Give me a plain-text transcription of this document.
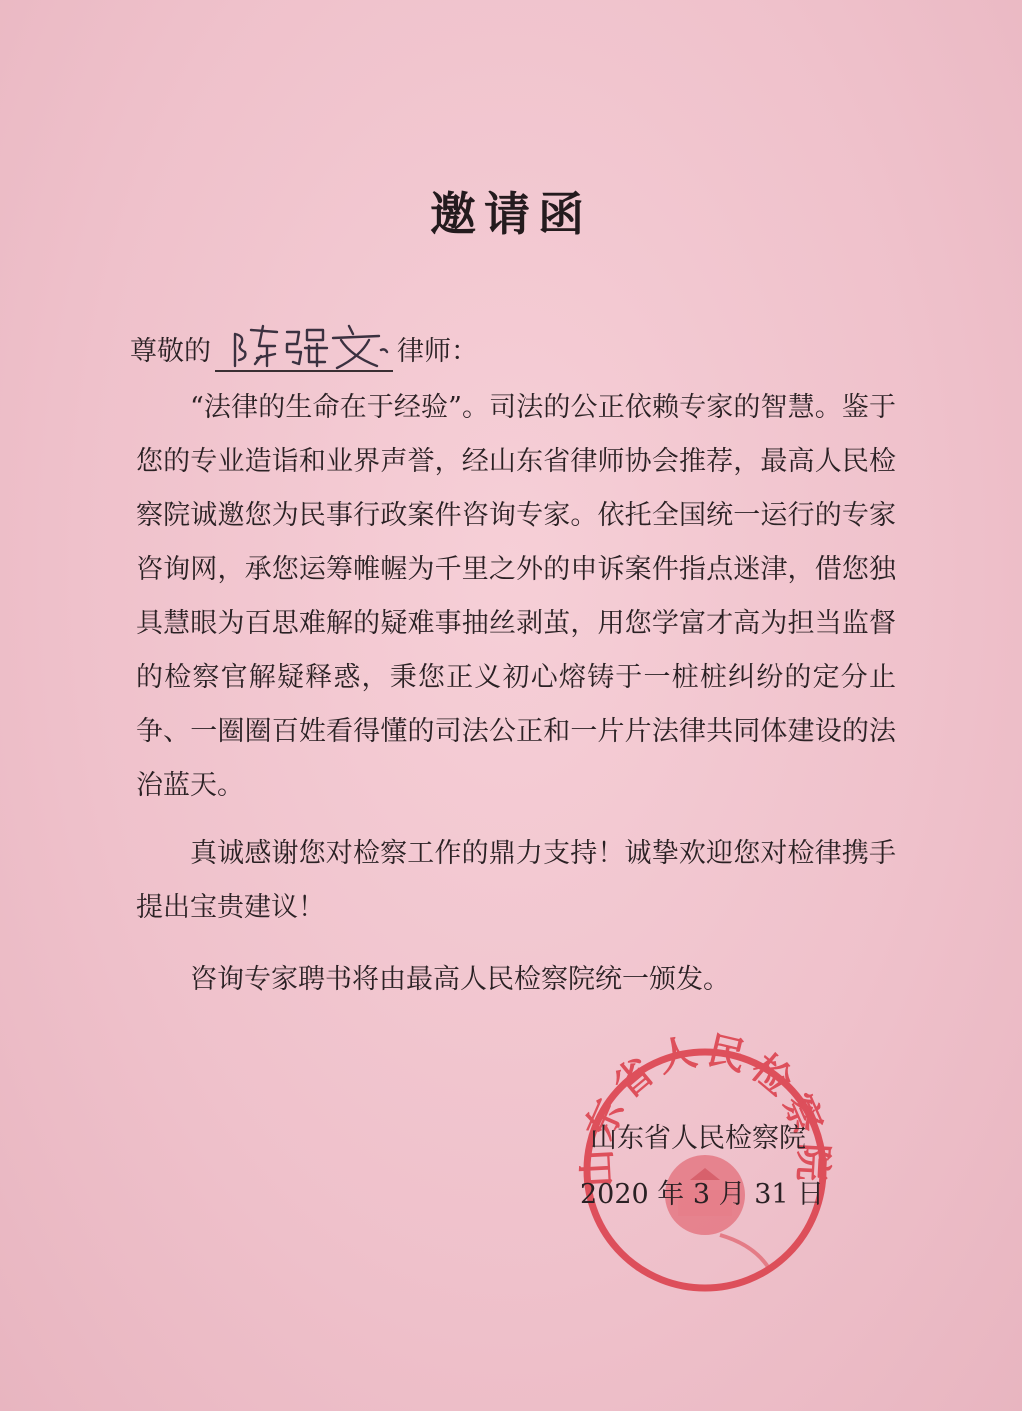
邀请函
尊敬的	律师：

“法律的生命在于经验”。司法的公正依赖专家的智慧。鉴于您的专业造诣和业界声誉，经山东省律师协会推荐，最高人民检察院诚邀您为民事行政案件咨询专家。依托全国统一运行的专家咨询网，承您运筹帷幄为千里之外的申诉案件指点迷津，借您独具慧眼为百思难解的疑难事抽丝剥茧，用您学富才高为担当监督的检察官解疑释惑，秉您正义初心熔铸于一桩桩纠纷的定分止争、一圈圈百姓看得懂的司法公正和一片片法律共同体建设的法治蓝天。

真诚感谢您对检察工作的鼎力支持！诚挚欢迎您对检律携手提出宝贵建议！

咨询专家聘书将由最高人民检察院统一颁发。

山东省人民检察院
山东省人民检察院
2020 年 3 月 31 日
